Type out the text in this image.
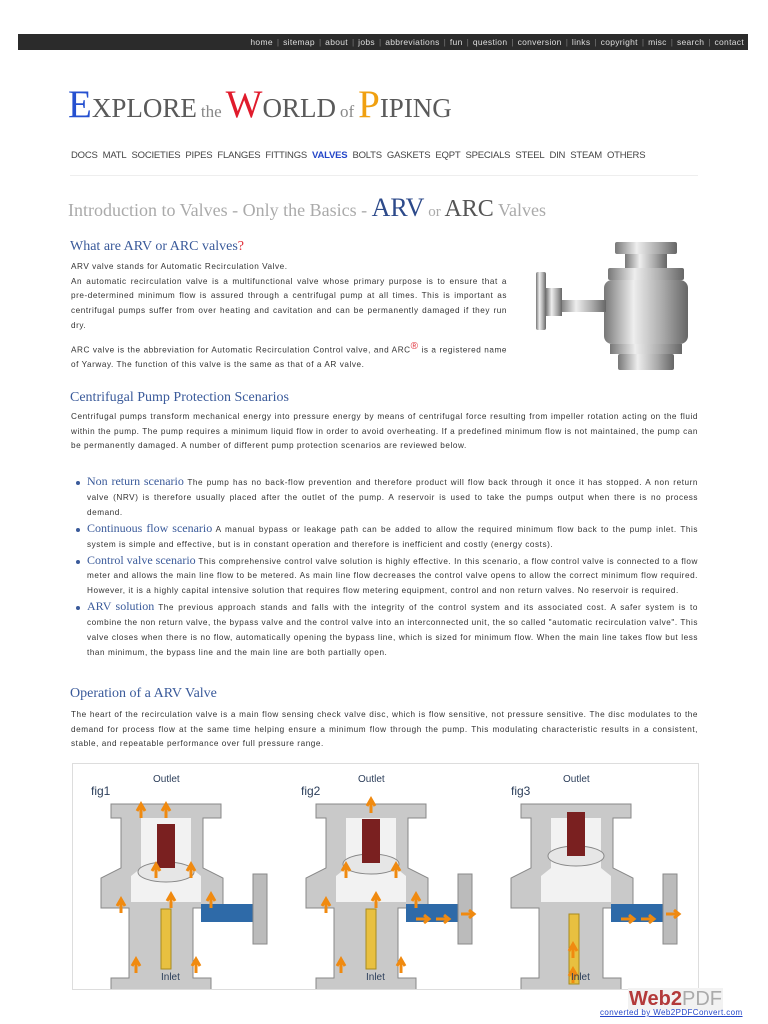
home | sitemap | about | jobs | abbreviations | fun | question | conversion | links | copyright | misc | search | contact
EXPLORE the WORLD of PIPING
DOCS MATL SOCIETIES PIPES FLANGES FITTINGS VALVES BOLTS GASKETS EQPT SPECIALS STEEL DIN STEAM OTHERS
Introduction to Valves - Only the Basics - ARV or ARC Valves
What are ARV or ARC valves?
ARV valve stands for Automatic Recirculation Valve.
An automatic recirculation valve is a multifunctional valve whose primary purpose is to ensure that a pre-determined minimum flow is assured through a centrifugal pump at all times. This is important as centrifugal pumps suffer from over heating and cavitation and can be permanently damaged if they run dry.
ARC valve is the abbreviation for Automatic Recirculation Control valve, and ARC® is a registered name of Yarway. The function of this valve is the same as that of a AR valve.
Centrifugal Pump Protection Scenarios
Centrifugal pumps transform mechanical energy into pressure energy by means of centrifugal force resulting from impeller rotation acting on the fluid within the pump. The pump requires a minimum liquid flow in order to avoid overheating. If a predefined minimum flow is not maintained, the pump can be permanently damaged. A number of different pump protection scenarios are reviewed below.
Non return scenario The pump has no back-flow prevention and therefore product will flow back through it once it has stopped. A non return valve (NRV) is therefore usually placed after the outlet of the pump. A reservoir is used to take the pumps output when there is no process demand.
Continuous flow scenario A manual bypass or leakage path can be added to allow the required minimum flow back to the pump inlet. This system is simple and effective, but is in constant operation and therefore is inefficient and costly (energy costs).
Control valve scenario This comprehensive control valve solution is highly effective. In this scenario, a flow control valve is connected to a flow meter and allows the main line flow to be metered. As main line flow decreases the control valve opens to allow the correct minimum flow required. However, it is a highly capital intensive solution that requires flow metering equipment, control and non return valves. No reservoir is required.
ARV solution The previous approach stands and falls with the integrity of the control system and its associated cost. A safer system is to combine the non return valve, the bypass valve and the control valve into an interconnected unit, the so called "automatic recirculation valve". This valve closes when there is no flow, automatically opening the bypass line, which is sized for minimum flow. When the main line takes flow but less than minimum, the bypass line and the main line are both partially open.
Operation of a ARV Valve
The heart of the recirculation valve is a main flow sensing check valve disc, which is flow sensitive, not pressure sensitive. The disc modulates to the demand for process flow at the same time helping ensure a minimum flow through the pump. This modulating characteristic results in a consistent, stable, and repeatable performance over full pressure range.
fig1
Outlet
Inlet
fig2
Outlet
Inlet
fig3
Outlet
Inlet
Web2PDF
converted by Web2PDFConvert.com
